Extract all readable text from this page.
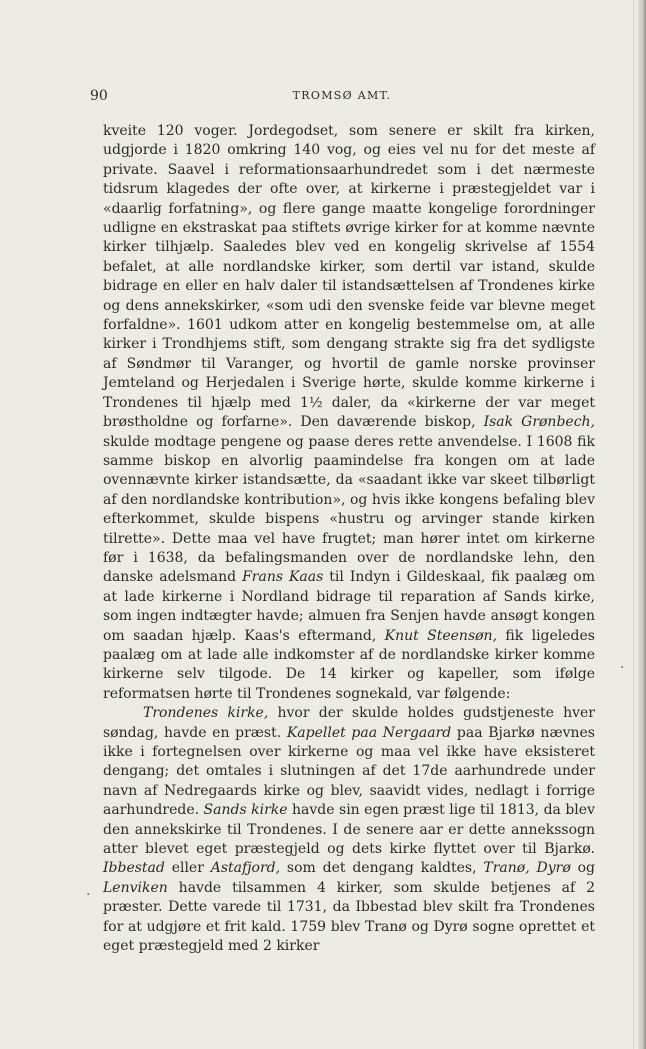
90	TROMSØ AMT.

kveite 120 voger. Jordegodset, som senere er skilt fra kirken, udgjorde i 1820 omkring 140 vog, og eies vel nu for det meste af private. Saavel i reformationsaarhundredet som i det nærmeste tidsrum klagedes der ofte over, at kirkerne i præstegjeldet var i «daarlig forfatning», og flere gange maatte kongelige forordninger udligne en ekstraskat paa stiftets øvrige kirker for at komme nævnte kirker tilhjælp. Saaledes blev ved en kongelig skrivelse af 1554 befalet, at alle nordlandske kirker, som dertil var istand, skulde bidrage en eller en halv daler til istandsættelsen af Trondenes kirke og dens annekskirker, «som udi den svenske feide var blevne meget forfaldne». 1601 udkom atter en kongelig bestemmelse om, at alle kirker i Trondhjems stift, som dengang strakte sig fra det sydligste af Søndmør til Varanger, og hvortil de gamle norske provinser Jemteland og Herjedalen i Sverige hørte, skulde komme kirkerne i Trondenes til hjælp med 1½ daler, da «kirkerne der var meget brøstholdne og forfarne». Den daværende biskop, Isak Grønbech, skulde modtage pengene og paase deres rette anvendelse. I 1608 fik samme biskop en alvorlig paamindelse fra kongen om at lade ovennævnte kirker istandsætte, da «saadant ikke var skeet tilbørligt af den nordlandske kontribution», og hvis ikke kongens befaling blev efterkommet, skulde bispens «hustru og arvinger stande kirken tilrette». Dette maa vel have frugtet; man hører intet om kirkerne før i 1638, da befalingsmanden over de nordlandske lehn, den danske adelsmand Frans Kaas til Indyn i Gildeskaal, fik paalæg om at lade kirkerne i Nordland bidrage til reparation af Sands kirke, som ingen indtægter havde; almuen fra Senjen havde ansøgt kongen om saadan hjælp. Kaas's eftermand, Knut Steensøn, fik ligeledes paalæg om at lade alle indkomster af de nordlandske kirker komme kirkerne selv tilgode. De 14 kirker og kapeller, som ifølge reformatsen hørte til Trondenes sognekald, var følgende:

Trondenes kirke, hvor der skulde holdes gudstjeneste hver søndag, havde en præst. Kapellet paa Nergaard paa Bjarkø nævnes ikke i fortegnelsen over kirkerne og maa vel ikke have eksisteret dengang; det omtales i slutningen af det 17de aarhundrede under navn af Nedregaards kirke og blev, saavidt vides, nedlagt i forrige aarhundrede. Sands kirke havde sin egen præst lige til 1813, da blev den annekskirke til Trondenes. I de senere aar er dette annekssogn atter blevet eget præstegjeld og dets kirke flyttet over til Bjarkø. Ibbestad eller Astafjord, som det dengang kaldtes, Tranø, Dyrø og Lenviken havde tilsammen 4 kirker, som skulde betjenes af 2 præster. Dette varede til 1731, da Ibbestad blev skilt fra Trondenes for at udgjøre et frit kald. 1759 blev Tranø og Dyrø sogne oprettet et eget præstegjeld med 2 kirker

·
·
